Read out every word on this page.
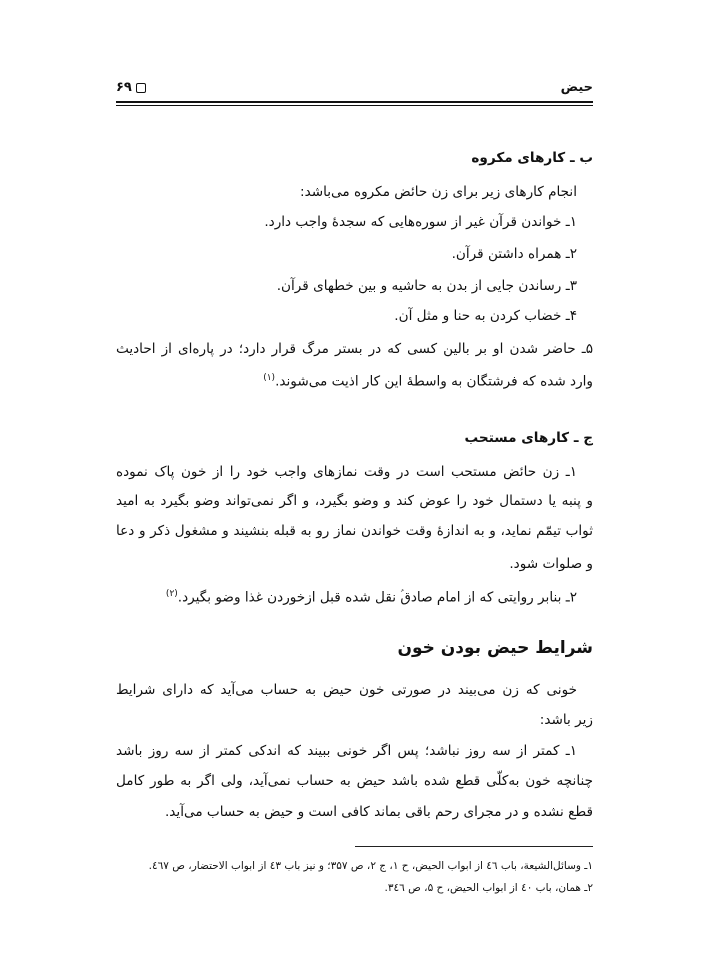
حیض
۶۹
ب ـ کارهای مکروه
انجام کارهای زیر برای زن حائض مکروه می‌باشد:
۱ـ خواندن قرآن غیر از سوره‌هایی که سجدهٔ واجب دارد.
۲ـ همراه داشتن قرآن.
۳ـ رساندن جایی از بدن به حاشیه و بین خطهای قرآن.
۴ـ خضاب کردن به حنا و مثل آن.
۵ـ حاضر شدن او بر بالین کسی که در بستر مرگ قرار دارد؛ در پاره‌ای از احادیث
وارد شده که فرشتگان به واسطهٔ این کار اذیت می‌شوند.$^{(۱)}$
ج ـ کارهای مستحب
۱ـ زن حائض مستحب است در وقت نمازهای واجب خود را از خون پاک نموده
و پنبه یا دستمال خود را عوض کند و وضو بگیرد، و اگر نمی‌تواند وضو بگیرد به امید
ثواب تیمّم نماید، و به اندازهٔ وقت خواندن نماز رو به قبله بنشیند و مشغول ذکر و دعا
و صلوات شود.
۲ـ بنابر روایتی که از امام صادق‌ؑ نقل شده قبل ازخوردن غذا وضو بگیرد.$^{(۲)}$
شرایط حیض بودن خون
خونی که زن می‌بیند در صورتی خون حیض به حساب می‌آید که دارای شرایط
زیر باشد:
۱ـ کمتر از سه روز نباشد؛ پس اگر خونی ببیند که اندکی کمتر از سه روز باشد
چنانچه خون به‌کلّی قطع شده باشد حیض به حساب نمی‌آید، ولی اگر به طور کامل
قطع نشده و در مجرای رحم باقی بماند کافی است و حیض به حساب می‌آید.
۱ـ وسائل‌الشیعة، باب ٤٦ از ابواب الحیض، ح ۱، ج ۲، ص ۳۵۷؛ و نیز باب ٤٣ از ابواب الاحتضار، ص ٤٦٧.
۲ـ همان، باب ٤٠ از ابواب الحیض، ح ۵، ص ٣٤٦.
